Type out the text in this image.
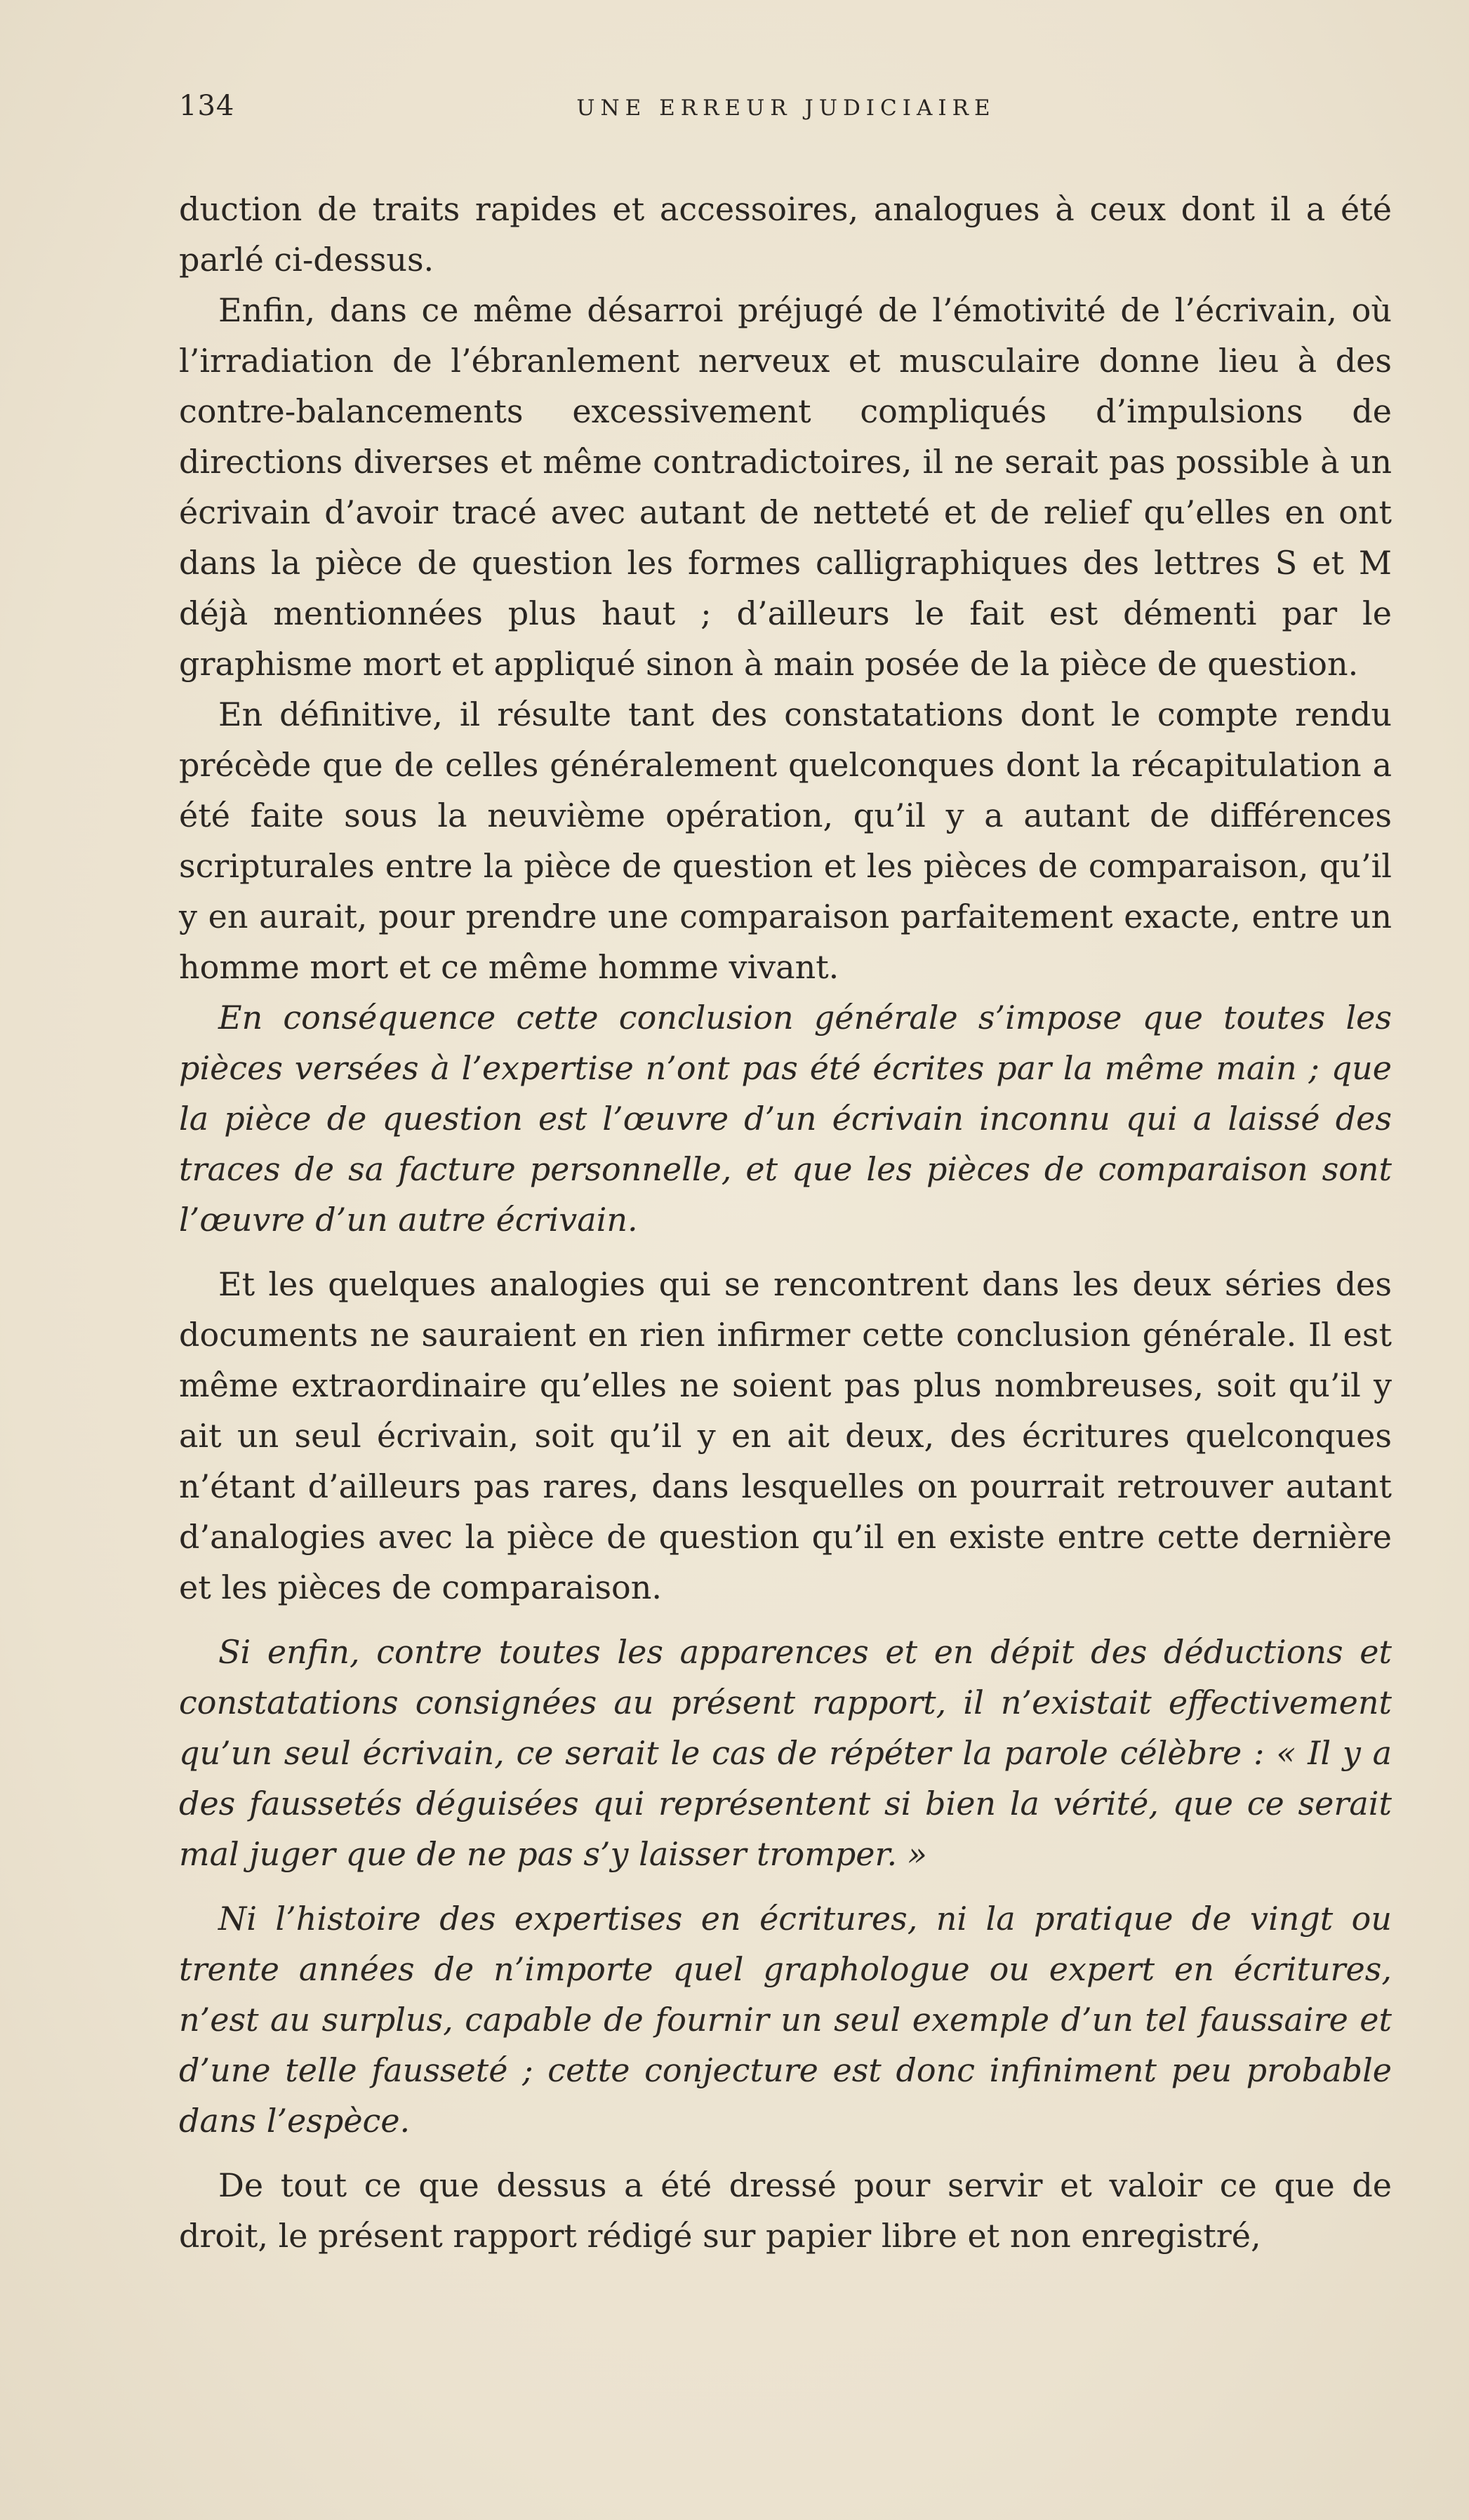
134	UNE ERREUR JUDICIAIRE

duction de traits rapides et accessoires, analogues à ceux dont il a été parlé ci-dessus.

Enfin, dans ce même désarroi préjugé de l’émotivité de l’écrivain, où l’irradiation de l’ébranlement nerveux et musculaire donne lieu à des contre-balancements excessivement compliqués d’impulsions de directions diverses et même contradictoires, il ne serait pas possible à un écrivain d’avoir tracé avec autant de netteté et de relief qu’elles en ont dans la pièce de question les formes calligraphiques des lettres S et M déjà mentionnées plus haut ; d’ailleurs le fait est démenti par le graphisme mort et appliqué sinon à main posée de la pièce de question.

En définitive, il résulte tant des constatations dont le compte rendu précède que de celles généralement quelconques dont la récapitulation a été faite sous la neuvième opération, qu’il y a autant de différences scripturales entre la pièce de question et les pièces de comparaison, qu’il y en aurait, pour prendre une comparaison parfaitement exacte, entre un homme mort et ce même homme vivant.

En conséquence cette conclusion générale s’impose que toutes les pièces versées à l’expertise n’ont pas été écrites par la même main ; que la pièce de question est l’œuvre d’un écrivain inconnu qui a laissé des traces de sa facture personnelle, et que les pièces de comparaison sont l’œuvre d’un autre écrivain.

Et les quelques analogies qui se rencontrent dans les deux séries des documents ne sauraient en rien infirmer cette conclusion générale. Il est même extraordinaire qu’elles ne soient pas plus nombreuses, soit qu’il y ait un seul écrivain, soit qu’il y en ait deux, des écritures quelconques n’étant d’ailleurs pas rares, dans lesquelles on pourrait retrouver autant d’analogies avec la pièce de question qu’il en existe entre cette dernière et les pièces de comparaison.

Si enfin, contre toutes les apparences et en dépit des déductions et constatations consignées au présent rapport, il n’existait effectivement qu’un seul écrivain, ce serait le cas de répéter la parole célèbre : « Il y a des faussetés déguisées qui représentent si bien la vérité, que ce serait mal juger que de ne pas s’y laisser tromper. »

Ni l’histoire des expertises en écritures, ni la pratique de vingt ou trente années de n’importe quel graphologue ou expert en écritures, n’est au surplus, capable de fournir un seul exemple d’un tel faussaire et d’une telle fausseté ; cette conjecture est donc infiniment peu probable dans l’espèce.

De tout ce que dessus a été dressé pour servir et valoir ce que de droit, le présent rapport rédigé sur papier libre et non enregistré,
